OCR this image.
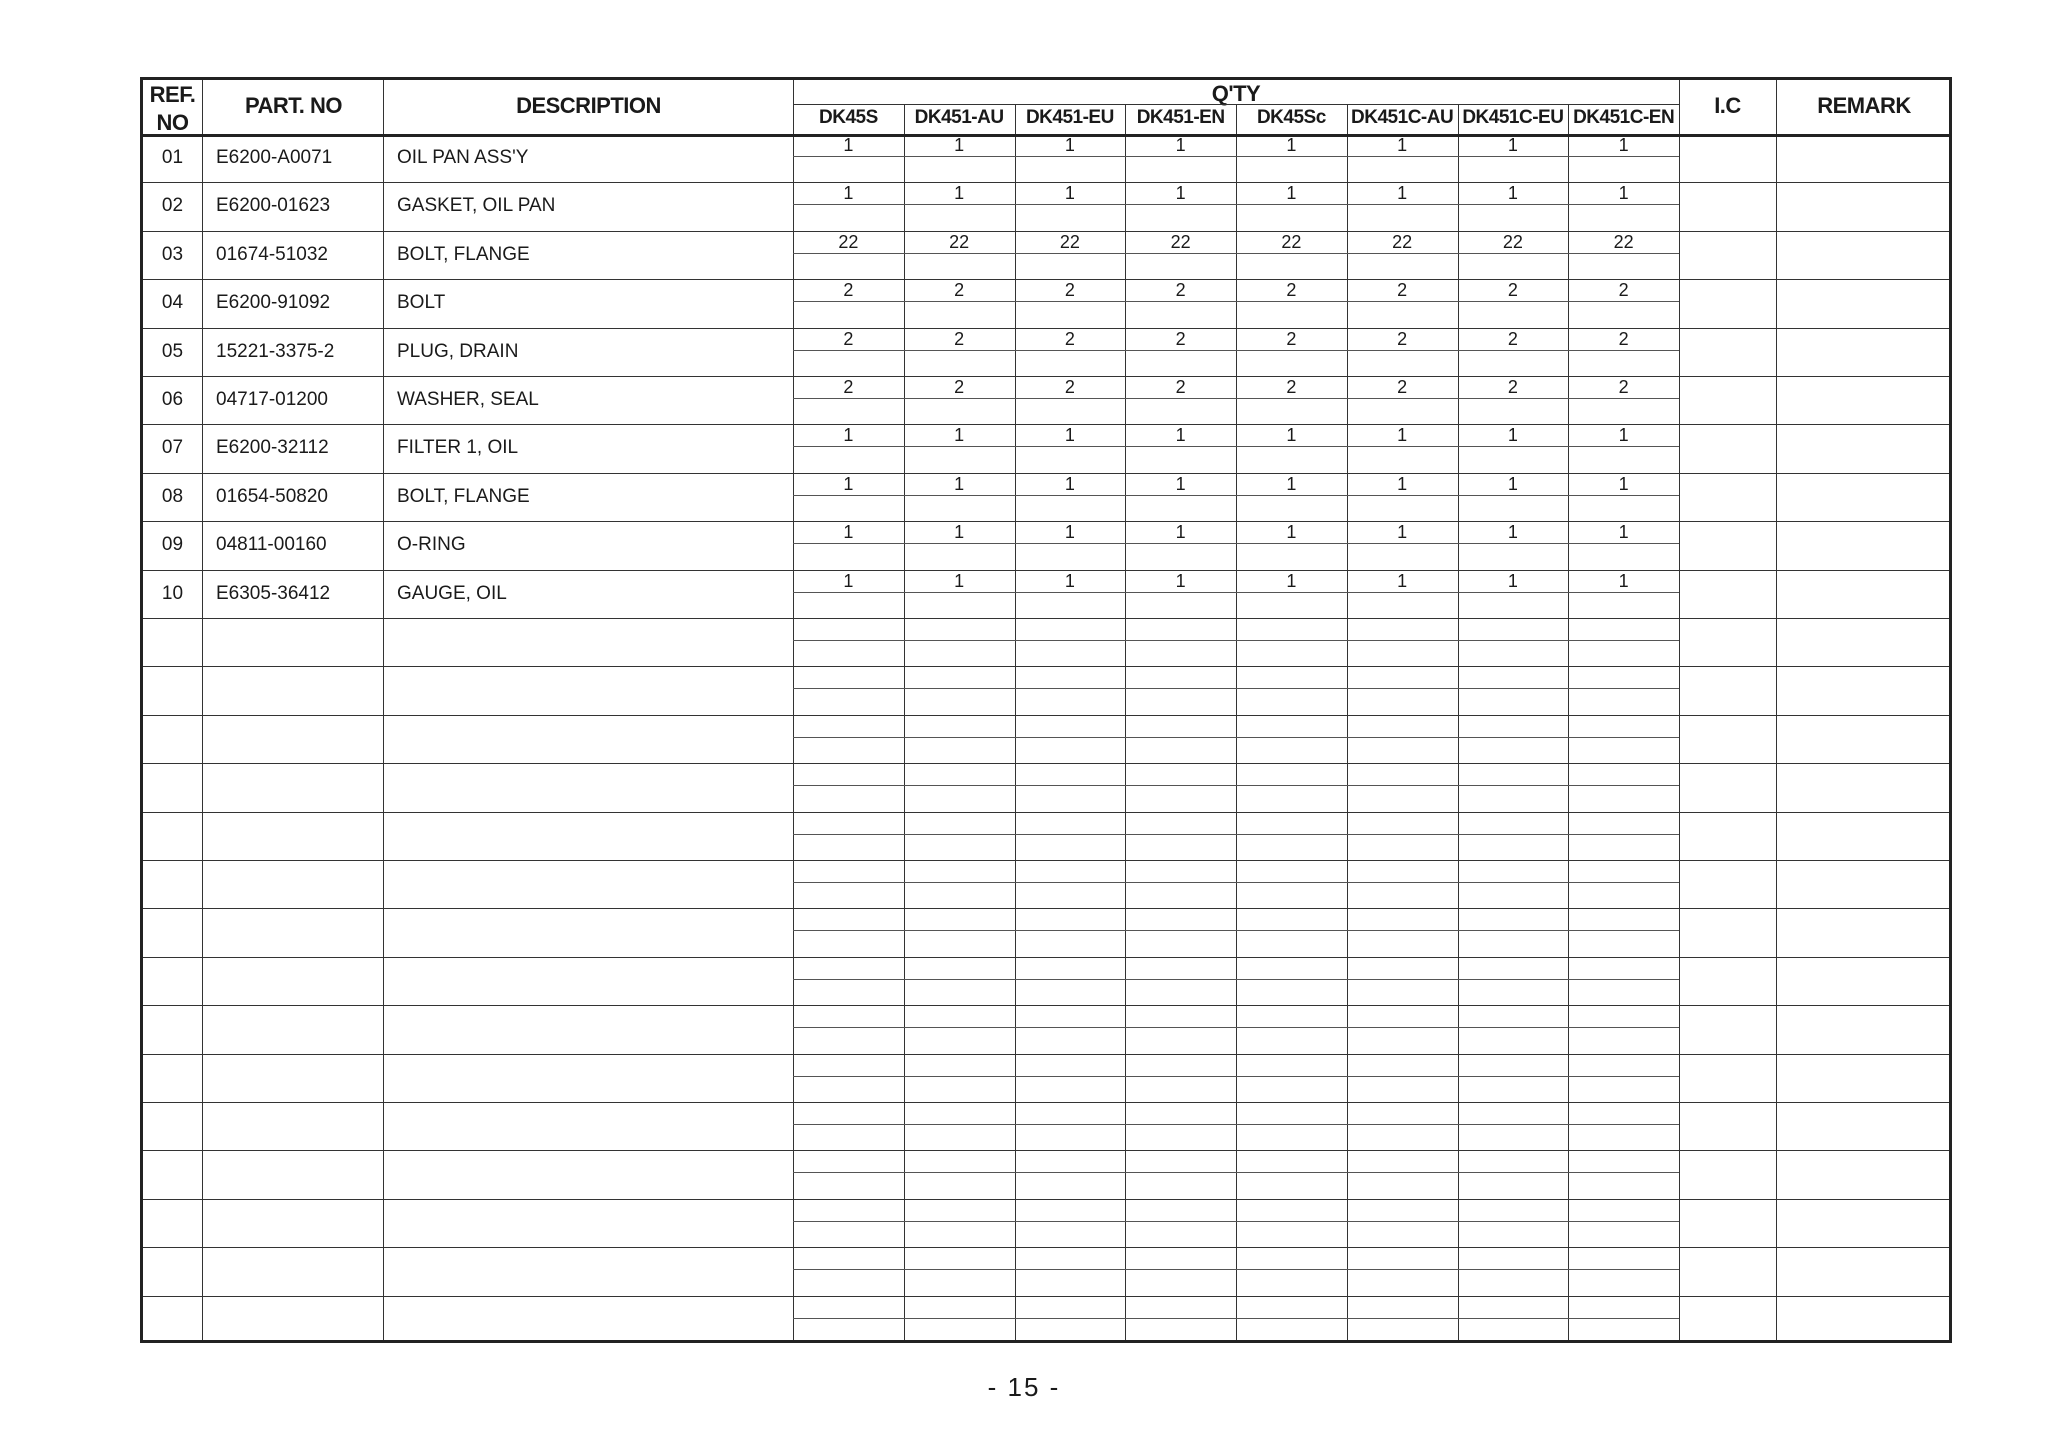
REF.
NO
PART. NO	DESCRIPTION	Q'TY	I.C	REMARK
DK45S	DK451-AU	DK451-EU	DK451-EN	DK45Sc	DK451C-AU DK451C-EU DK451C-EN
01	E6200-A0071	OIL PAN ASS'Y
1	1	1	1	1	1	1	1
02	E6200-01623	GASKET, OIL PAN
1	1	1	1	1	1	1	1
03	01674-51032	BOLT, FLANGE
22	22	22	22	22	22	22	22
04	E6200-91092	BOLT
2	2	2	2	2	2	2	2
05	15221-3375-2	PLUG, DRAIN
2	2	2	2	2	2	2	2
06	04717-01200	WASHER, SEAL
2	2	2	2	2	2	2	2
07	E6200-32112	FILTER 1, OIL
1	1	1	1	1	1	1	1
08	01654-50820	BOLT, FLANGE
1	1	1	1	1	1	1	1
09	04811-00160	O-RING
1	1	1	1	1	1	1	1
10	E6305-36412	GAUGE, OIL
1	1	1	1	1	1	1	1
- 15 -
